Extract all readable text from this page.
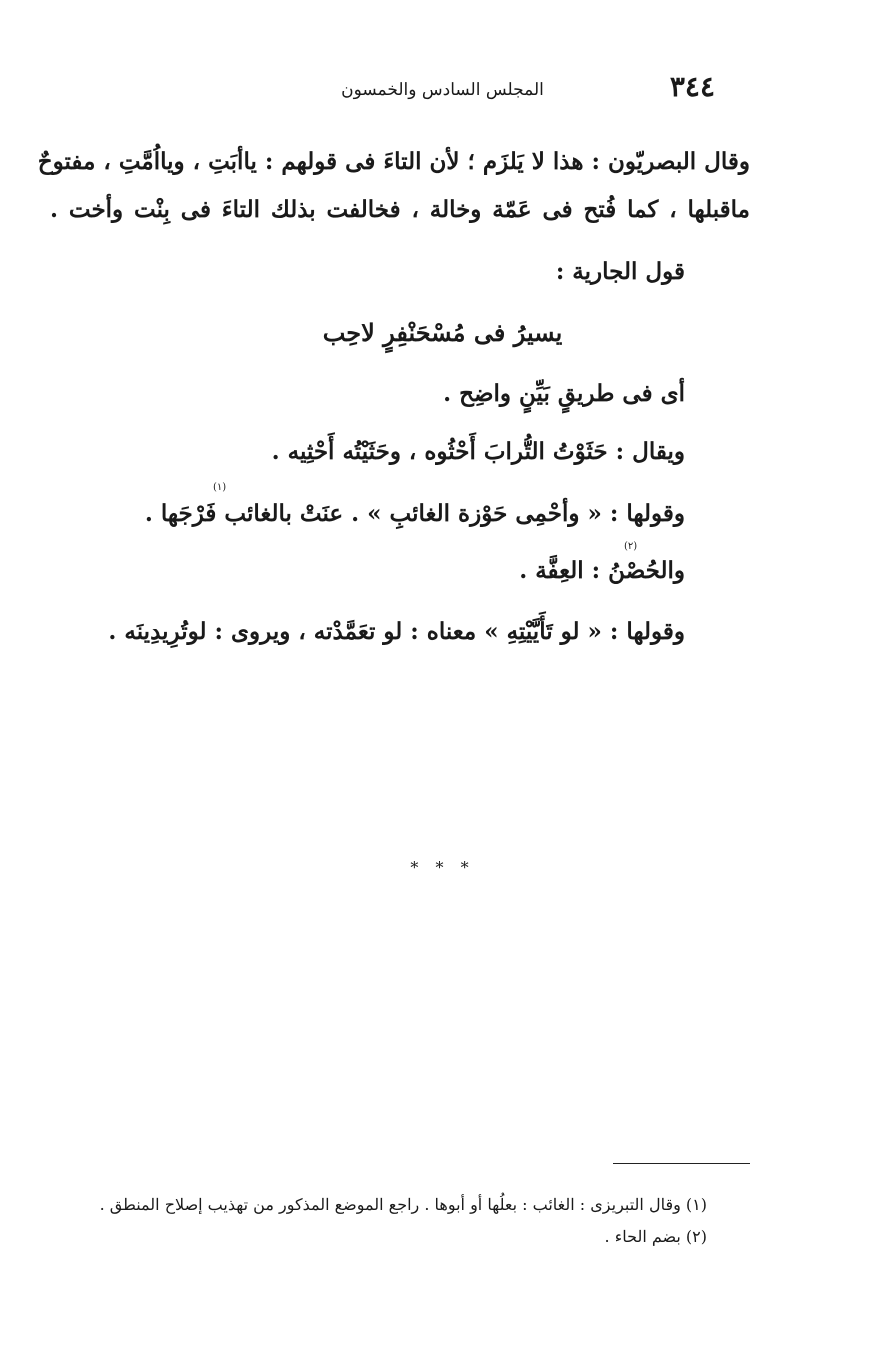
٣٤٤
المجلس السادس والخمسون
وقال البصريّون : هذا لا يَلزَم ؛ لأن التاءَ فى قولهم : ياأبَتِ ، ويااُمَّتِ ، مفتوحٌ
ماقبلها ، كما فُتح فى عَمّة وخالة ، فخالفت بذلك التاءَ فى بِنْت وأخت .
قول الجارية :
يسيرُ فى مُسْحَنْفِرٍ لاحِب
أى فى طريقٍ بَيِّنٍ واضِح .
ويقال : حَثَوْتُ التُّرابَ أَحْثُوه ، وحَثَيْتُه أَحْثِيه .
(١)
وقولها : « وأحْمِى حَوْزة الغائبِ » . عنَتْ بالغائب فَرْجَها .
(٢)
والحُصْنُ : العِفَّة .
وقولها : « لو تَأَيَّيْتِهِ » معناه : لو تعَمَّدْته ، ويروى : لوتُرِيدِينَه .
* * *
(١) وقال التبريزى : الغائب : بعلُها أو أبوها . راجع الموضع المذكور من تهذيب إصلاح المنطق .
(٢) بضم الحاء .
